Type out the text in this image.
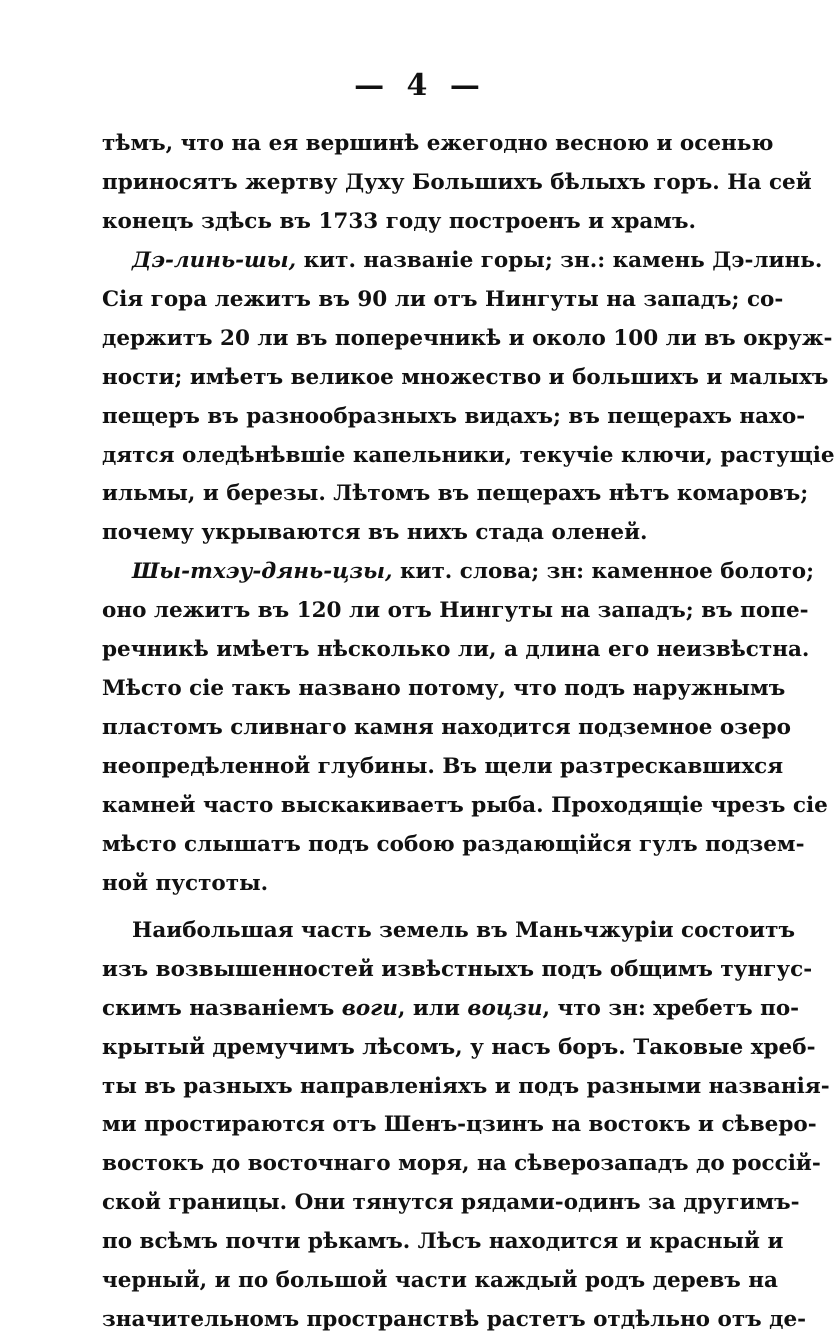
— 4 —
тѣмъ, что на ея вершинѣ ежегодно весною и осенью
приносятъ жертву Духу Большихъ бѣлыхъ горъ. На сей
конецъ здѣсь въ 1733 году построенъ и храмъ.
Дэ-линь-шы, кит. названіе горы; зн.: камень Дэ-линь.
Сія гора лежитъ въ 90 ли отъ Нингуты на западъ; со-
держитъ 20 ли въ поперечникѣ и около 100 ли въ окруж-
ности; имѣетъ великое множество и большихъ и малыхъ
пещеръ въ разнообразныхъ видахъ; въ пещерахъ нахо-
дятся оледѣнѣвшіе капельники, текучіе ключи, растущіе
ильмы, и березы. Лѣтомъ въ пещерахъ нѣтъ комаровъ;
почему укрываются въ нихъ стада оленей.
Шы-тхэу-дянь-цзы, кит. слова; зн: каменное болото;
оно лежитъ въ 120 ли отъ Нингуты на западъ; въ попе-
речникѣ имѣетъ нѣсколько ли, а длина его неизвѣстна.
Мѣсто сіе такъ названо потому, что подъ наружнымъ
пластомъ сливнаго камня находится подземное озеро
неопредѣленной глубины. Въ щели разтрескавшихся
камней часто выскакиваетъ рыба. Проходящіе чрезъ сіе
мѣсто слышатъ подъ собою раздающійся гулъ подзем-
ной пустоты.
Наибольшая часть земель въ Маньчжуріи состоитъ
изъ возвышенностей извѣстныхъ подъ общимъ тунгус-
скимъ названіемъ воги, или воцзи, что зн: хребетъ по-
крытый дремучимъ лѣсомъ, у насъ боръ. Таковые хреб-
ты въ разныхъ направленіяхъ и подъ разными названія-
ми простираются отъ Шенъ-цзинъ на востокъ и сѣверо-
востокъ до восточнаго моря, на сѣверозападъ до россій-
ской границы. Они тянутся рядами-одинъ за другимъ-
по всѣмъ почти рѣкамъ. Лѣсъ находится и красный и
черный, и по большой части каждый родъ деревъ на
значительномъ пространствѣ растетъ отдѣльно отъ де-
